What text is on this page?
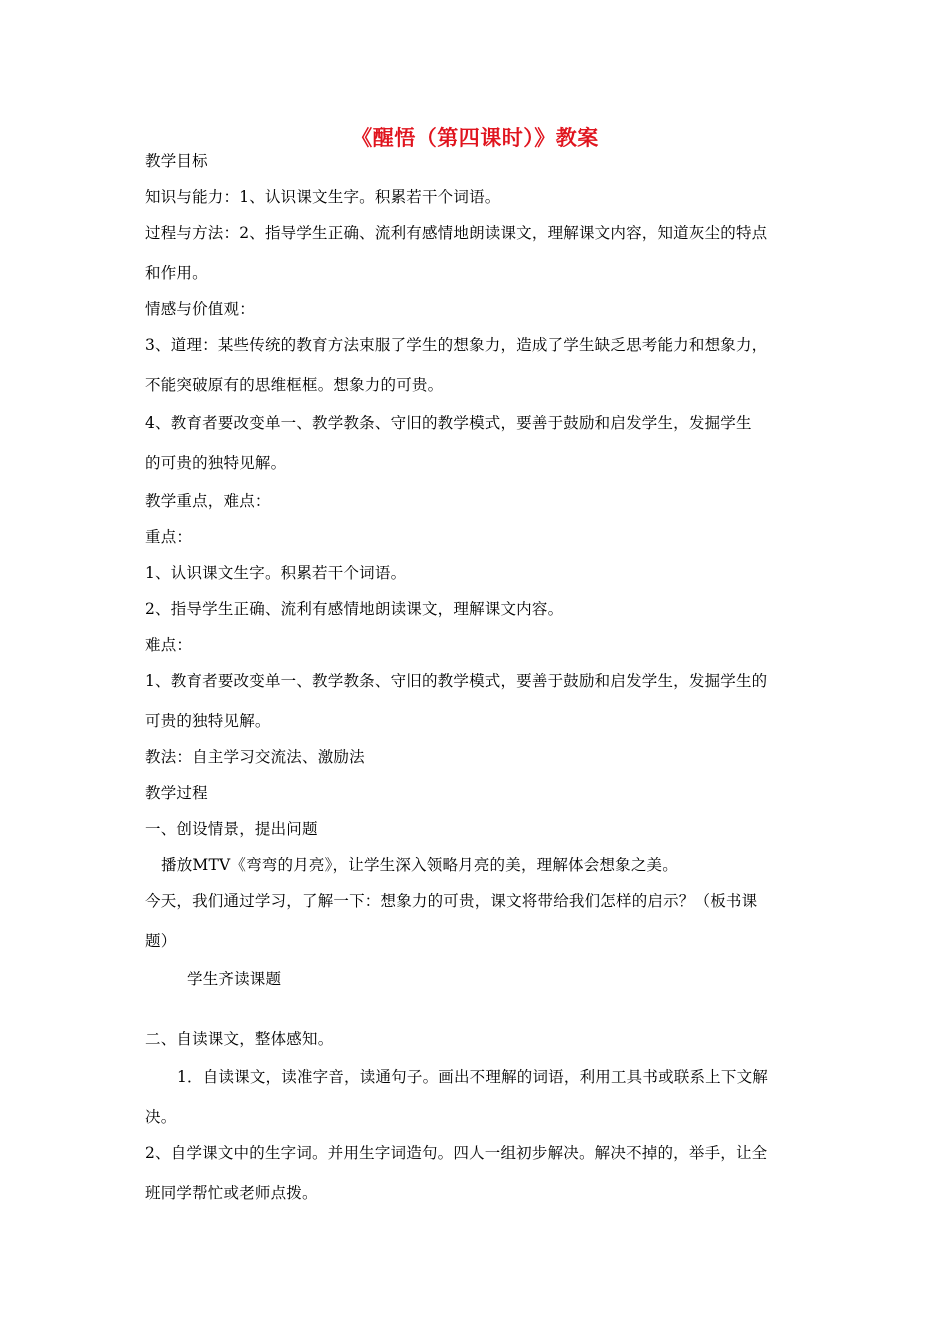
《醒悟（第四课时）》教案
教学目标
知识与能力：1、认识课文生字。积累若干个词语。
过程与方法：2、指导学生正确、流利有感情地朗读课文，理解课文内容，知道灰尘的特点
和作用。
情感与价值观：
3、道理：某些传统的教育方法束服了学生的想象力，造成了学生缺乏思考能力和想象力，
不能突破原有的思维框框。想象力的可贵。
4、教育者要改变单一、教学教条、守旧的教学模式，要善于鼓励和启发学生，发掘学生
的可贵的独特见解。
教学重点，难点：
重点：
1、认识课文生字。积累若干个词语。
2、指导学生正确、流利有感情地朗读课文，理解课文内容。
难点：
1、教育者要改变单一、教学教条、守旧的教学模式，要善于鼓励和启发学生，发掘学生的
可贵的独特见解。
教法：自主学习交流法、激励法
教学过程
一、创设情景，提出问题
播放MTV《弯弯的月亮》，让学生深入领略月亮的美，理解体会想象之美。
今天，我们通过学习，了解一下：想象力的可贵，课文将带给我们怎样的启示？（板书课
题）
学生齐读课题
二、自读课文，整体感知。
1．自读课文，读准字音，读通句子。画出不理解的词语，利用工具书或联系上下文解
决。
2、自学课文中的生字词。并用生字词造句。四人一组初步解决。解决不掉的，举手，让全
班同学帮忙或老师点拨。
